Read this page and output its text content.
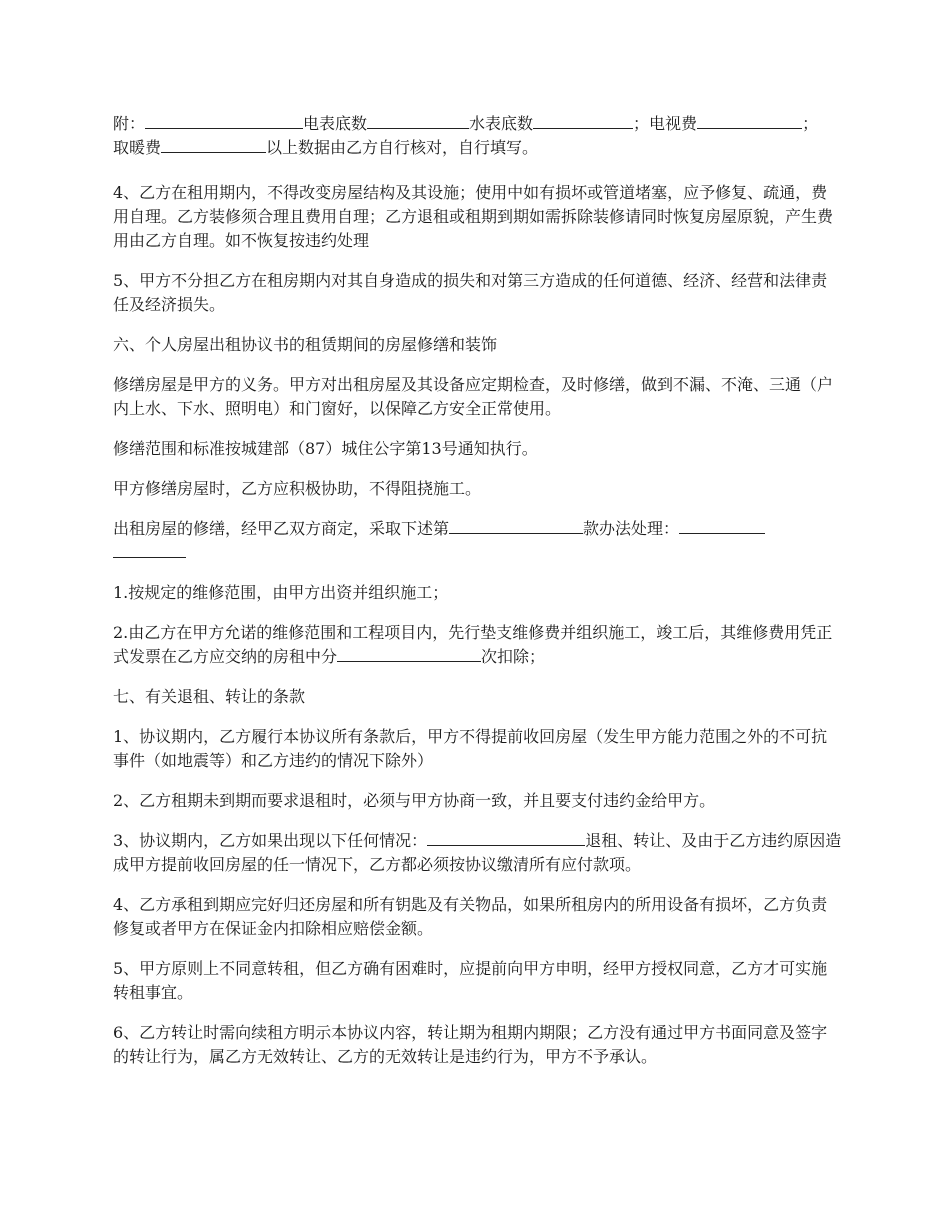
附：	电表底数	水表底数	；电视费	；
取暖费	以上数据由乙方自行核对，自行填写。

4、乙方在租用期内，不得改变房屋结构及其设施；使用中如有损坏或管道堵塞，应予修复、疏通，费用自理。乙方装修须合理且费用自理；乙方退租或租期到期如需拆除装修请同时恢复房屋原貌，产生费用由乙方自理。如不恢复按违约处理

5、甲方不分担乙方在租房期内对其自身造成的损失和对第三方造成的任何道德、经济、经营和法律责任及经济损失。

六、个人房屋出租协议书的租赁期间的房屋修缮和装饰

修缮房屋是甲方的义务。甲方对出租房屋及其设备应定期检查，及时修缮，做到不漏、不淹、三通（户内上水、下水、照明电）和门窗好，以保障乙方安全正常使用。

修缮范围和标准按城建部（87）城住公字第13号通知执行。

甲方修缮房屋时，乙方应积极协助，不得阻挠施工。

出租房屋的修缮，经甲乙双方商定，采取下述第	款办法处理：

1.按规定的维修范围，由甲方出资并组织施工；

2.由乙方在甲方允诺的维修范围和工程项目内，先行垫支维修费并组织施工，竣工后，其维修费用凭正式发票在乙方应交纳的房租中分	次扣除；

七、有关退租、转让的条款

1、协议期内，乙方履行本协议所有条款后，甲方不得提前收回房屋（发生甲方能力范围之外的不可抗事件（如地震等）和乙方违约的情况下除外）

2、乙方租期未到期而要求退租时，必须与甲方协商一致，并且要支付违约金给甲方。

3、协议期内，乙方如果出现以下任何情况：	退租、转让、及由于乙方违约原因造成甲方提前收回房屋的任一情况下，乙方都必须按协议缴清所有应付款项。

4、乙方承租到期应完好归还房屋和所有钥匙及有关物品，如果所租房内的所用设备有损坏，乙方负责修复或者甲方在保证金内扣除相应赔偿金额。

5、甲方原则上不同意转租，但乙方确有困难时，应提前向甲方申明，经甲方授权同意，乙方才可实施转租事宜。

6、乙方转让时需向续租方明示本协议内容，转让期为租期内期限；乙方没有通过甲方书面同意及签字的转让行为，属乙方无效转让、乙方的无效转让是违约行为，甲方不予承认。
